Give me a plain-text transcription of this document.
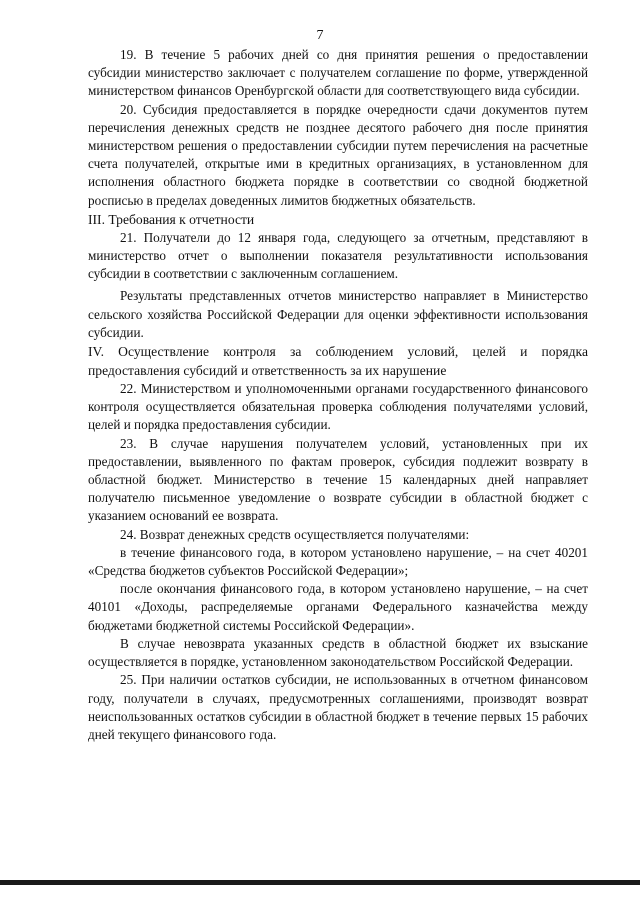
7

19. В течение 5 рабочих дней со дня принятия решения о предоставлении субсидии министерство заключает с получателем соглашение по форме, утвержденной министерством финансов Оренбургской области для соответствующего вида субсидии.

20. Субсидия предоставляется в порядке очередности сдачи документов путем перечисления денежных средств не позднее десятого рабочего дня после принятия министерством решения о предоставлении субсидии путем перечисления на расчетные счета получателей, открытые ими в кредитных организациях, в установленном для исполнения областного бюджета порядке в соответствии со сводной бюджетной росписью в пределах доведенных лимитов бюджетных обязательств.

III. Требования к отчетности

21. Получатели до 12 января года, следующего за отчетным, представляют в министерство отчет о выполнении показателя результативности использования субсидии в соответствии с заключенным соглашением.

Результаты представленных отчетов министерство направляет в Министерство сельского хозяйства Российской Федерации для оценки эффективности использования субсидии.

IV. Осуществление контроля за соблюдением условий, целей и порядка предоставления субсидий и ответственность за их нарушение

22. Министерством и уполномоченными органами государственного финансового контроля осуществляется обязательная проверка соблюдения получателями условий, целей и порядка предоставления субсидии.

23. В случае нарушения получателем условий, установленных при их предоставлении, выявленного по фактам проверок, субсидия подлежит возврату в областной бюджет. Министерство в течение 15 календарных дней направляет получателю письменное уведомление о возврате субсидии в областной бюджет с указанием оснований ее возврата.

24. Возврат денежных средств осуществляется получателями:

в течение финансового года, в котором установлено нарушение, – на счет 40201 «Средства бюджетов субъектов Российской Федерации»;

после окончания финансового года, в котором установлено нарушение, – на счет 40101 «Доходы, распределяемые органами Федерального казначейства между бюджетами бюджетной системы Российской Федерации».

В случае невозврата указанных средств в областной бюджет их взыскание осуществляется в порядке, установленном законодательством Российской Федерации.

25. При наличии остатков субсидии, не использованных в отчетном финансовом году, получатели в случаях, предусмотренных соглашениями, производят возврат неиспользованных остатков субсидии в областной бюджет в течение первых 15 рабочих дней текущего финансового года.
